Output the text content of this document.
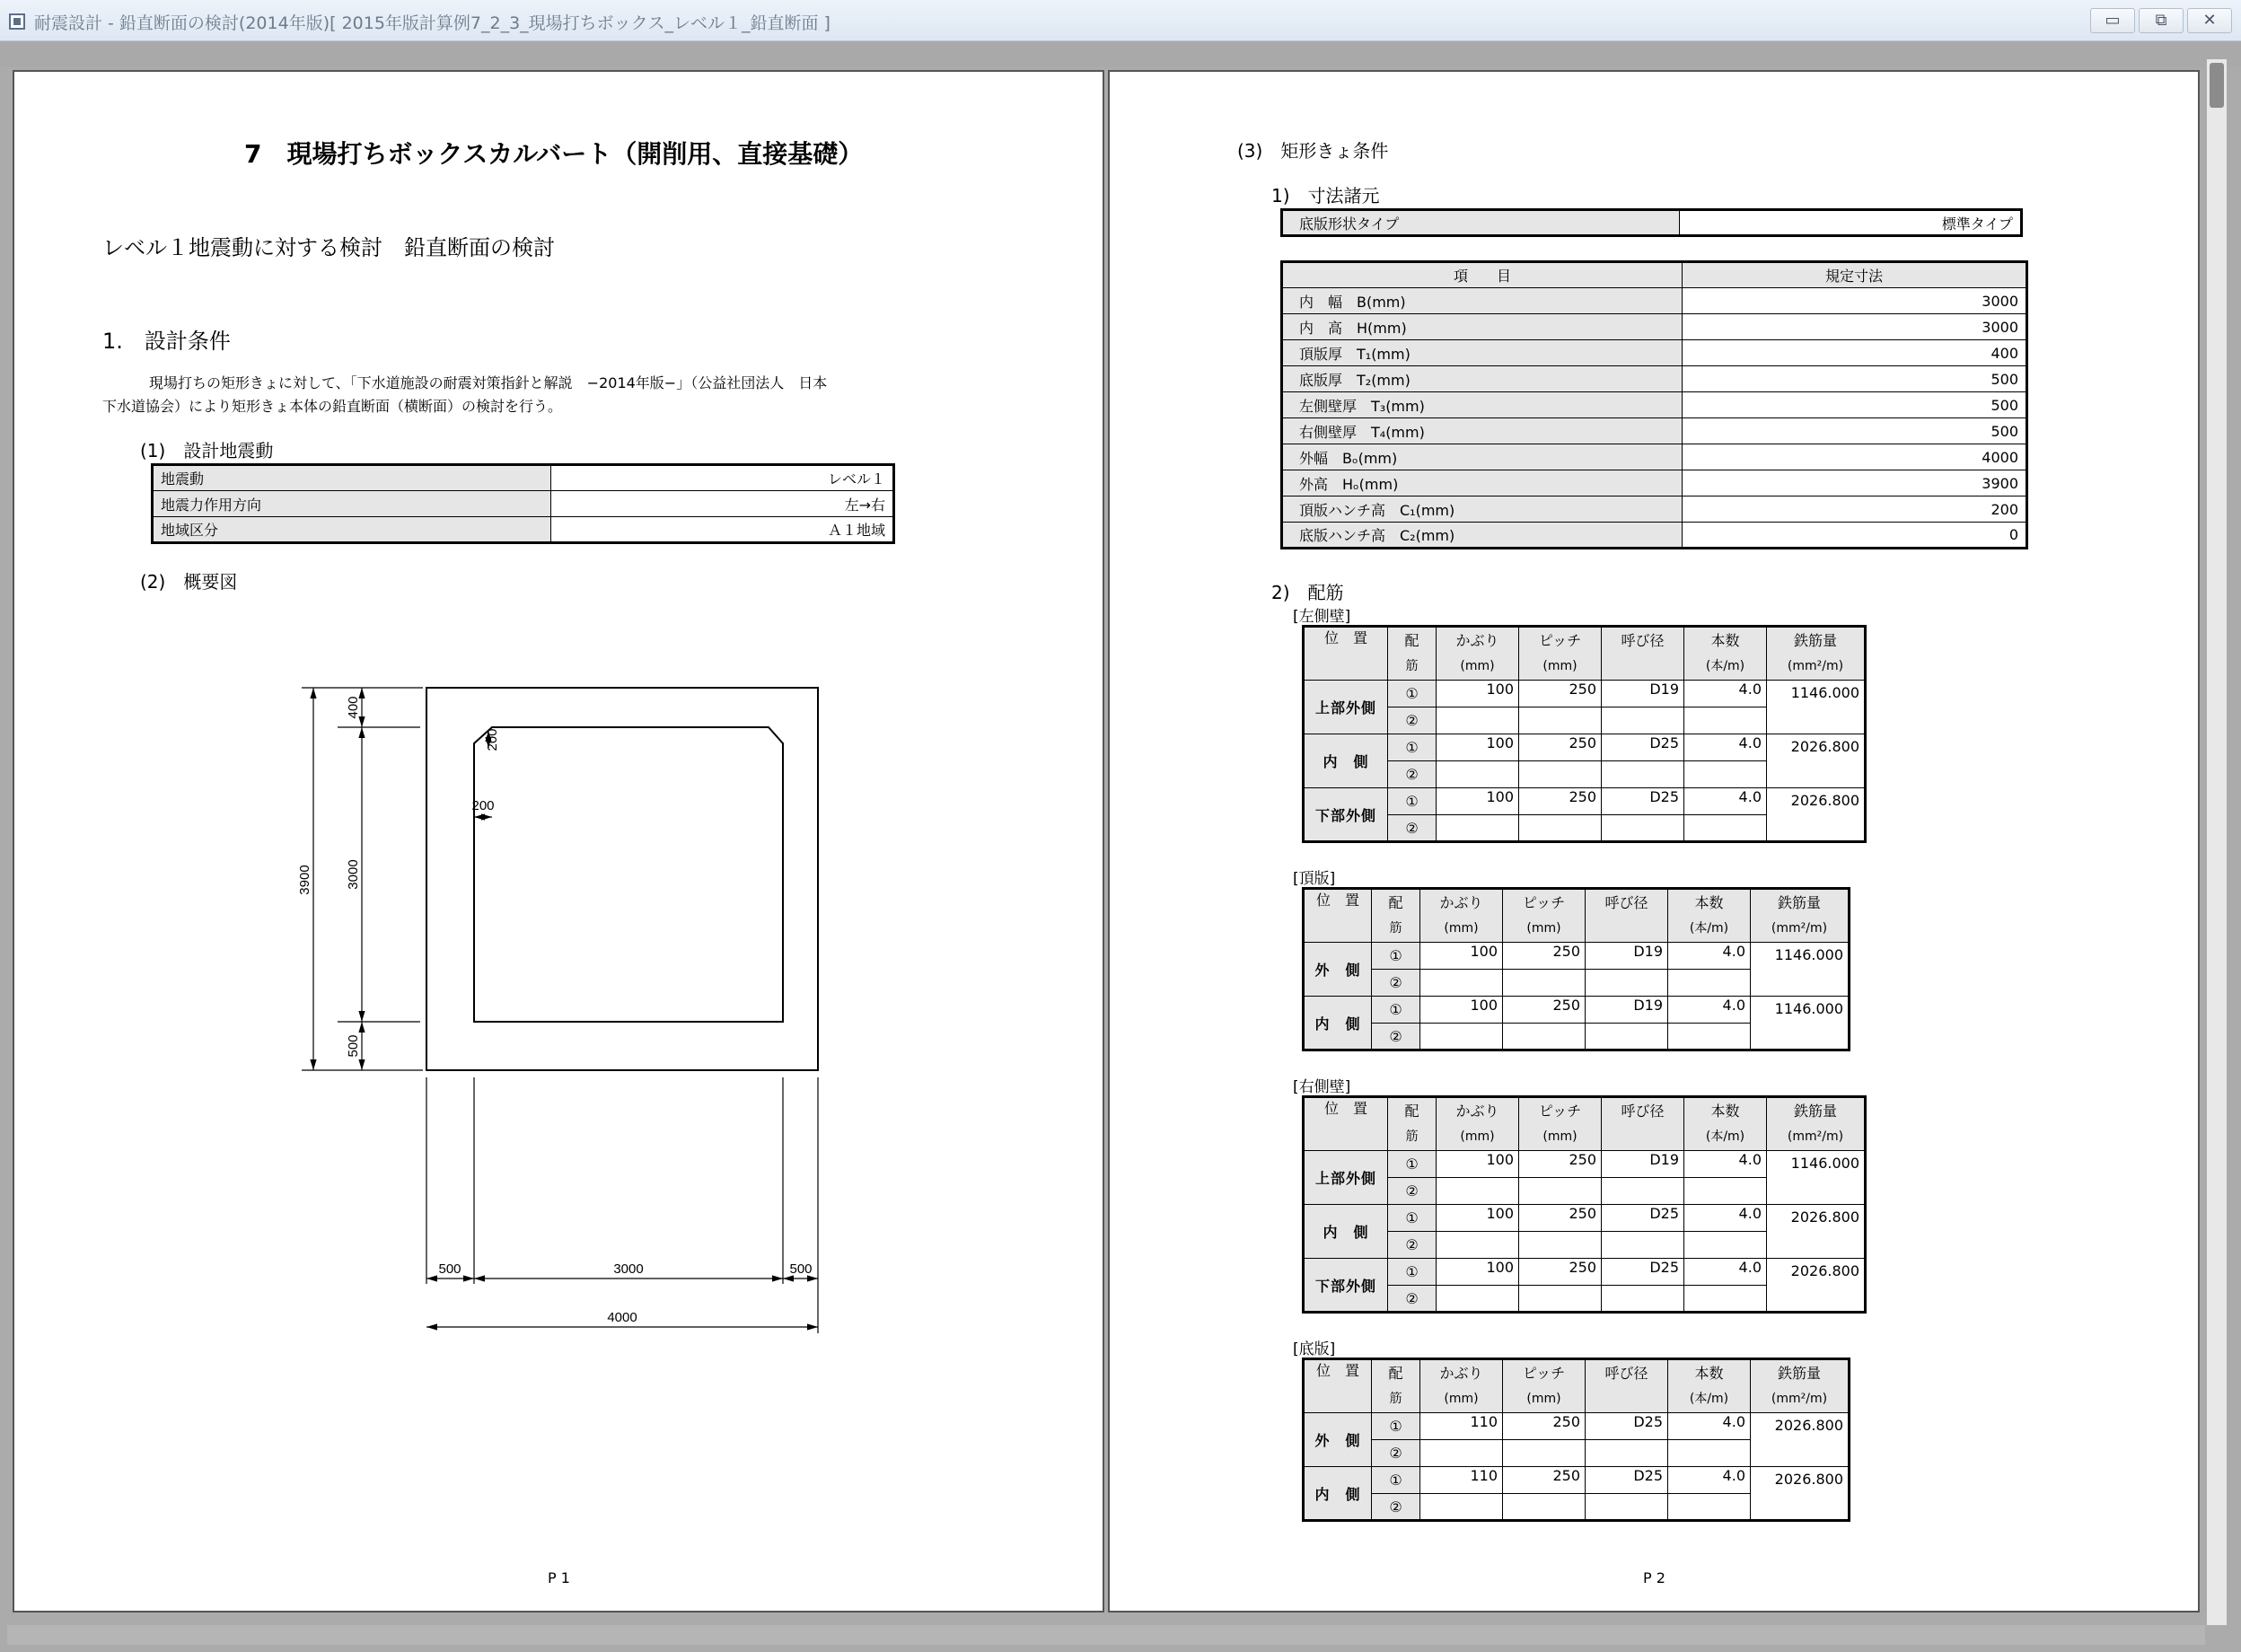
耐震設計 - 鉛直断面の検討(2014年版)[ 2015年版計算例7_2_3_現場打ちボックス_レベル１_鉛直断面 ]	▭	⧉	✕
7　現場打ちボックスカルバート（開削用、直接基礎）
レベル１地震動に対する検討　鉛直断面の検討
1.　設計条件
現場打ちの矩形きょに対して、「下水道施設の耐震対策指針と解説　−2014年版−」（公益社団法人　日本
下水道協会）により矩形きょ本体の鉛直断面（横断面）の検討を行う。
(1)　設計地震動
地震動	レベル１
地震力作用方向	左→右
地域区分	Ａ１地域
(2)　概要図
3900
400
3000
500
200
200
500	3000	500
4000
P 1
(3)　矩形きょ条件
1)　寸法諸元
底版形状タイプ	標準タイプ
項　　目	規定寸法
内　幅　B(mm)	3000
内　高　H(mm)	3000
頂版厚　T₁(mm)	400
底版厚　T₂(mm)	500
左側壁厚　T₃(mm)	500
右側壁厚　T₄(mm)	500
外幅　Bₒ(mm)	4000
外高　Hₒ(mm)	3900
頂版ハンチ高　C₁(mm)	200
底版ハンチ高　C₂(mm)	0
2)　配筋
P 2
[左側壁]
位　置	配	かぶり	ピッチ	呼び径	本数	鉄筋量
	筋	(mm)	(mm)		(本/m)	(mm²/m)
上部外側	①	100	250	D19	4.0	1146.000
	②					
内　側	①	100	250	D25	4.0	2026.800
	②					
下部外側	①	100	250	D25	4.0	2026.800
	②					
[頂版]
位　置	配	かぶり	ピッチ	呼び径	本数	鉄筋量
	筋	(mm)	(mm)		(本/m)	(mm²/m)
外　側	①	100	250	D19	4.0	1146.000
	②					
内　側	①	100	250	D19	4.0	1146.000
	②					
[右側壁]
位　置	配	かぶり	ピッチ	呼び径	本数	鉄筋量
	筋	(mm)	(mm)		(本/m)	(mm²/m)
上部外側	①	100	250	D19	4.0	1146.000
	②					
内　側	①	100	250	D25	4.0	2026.800
	②					
下部外側	①	100	250	D25	4.0	2026.800
	②					
[底版]
位　置	配	かぶり	ピッチ	呼び径	本数	鉄筋量
	筋	(mm)	(mm)		(本/m)	(mm²/m)
外　側	①	110	250	D25	4.0	2026.800
	②					
内　側	①	110	250	D25	4.0	2026.800
	②					
